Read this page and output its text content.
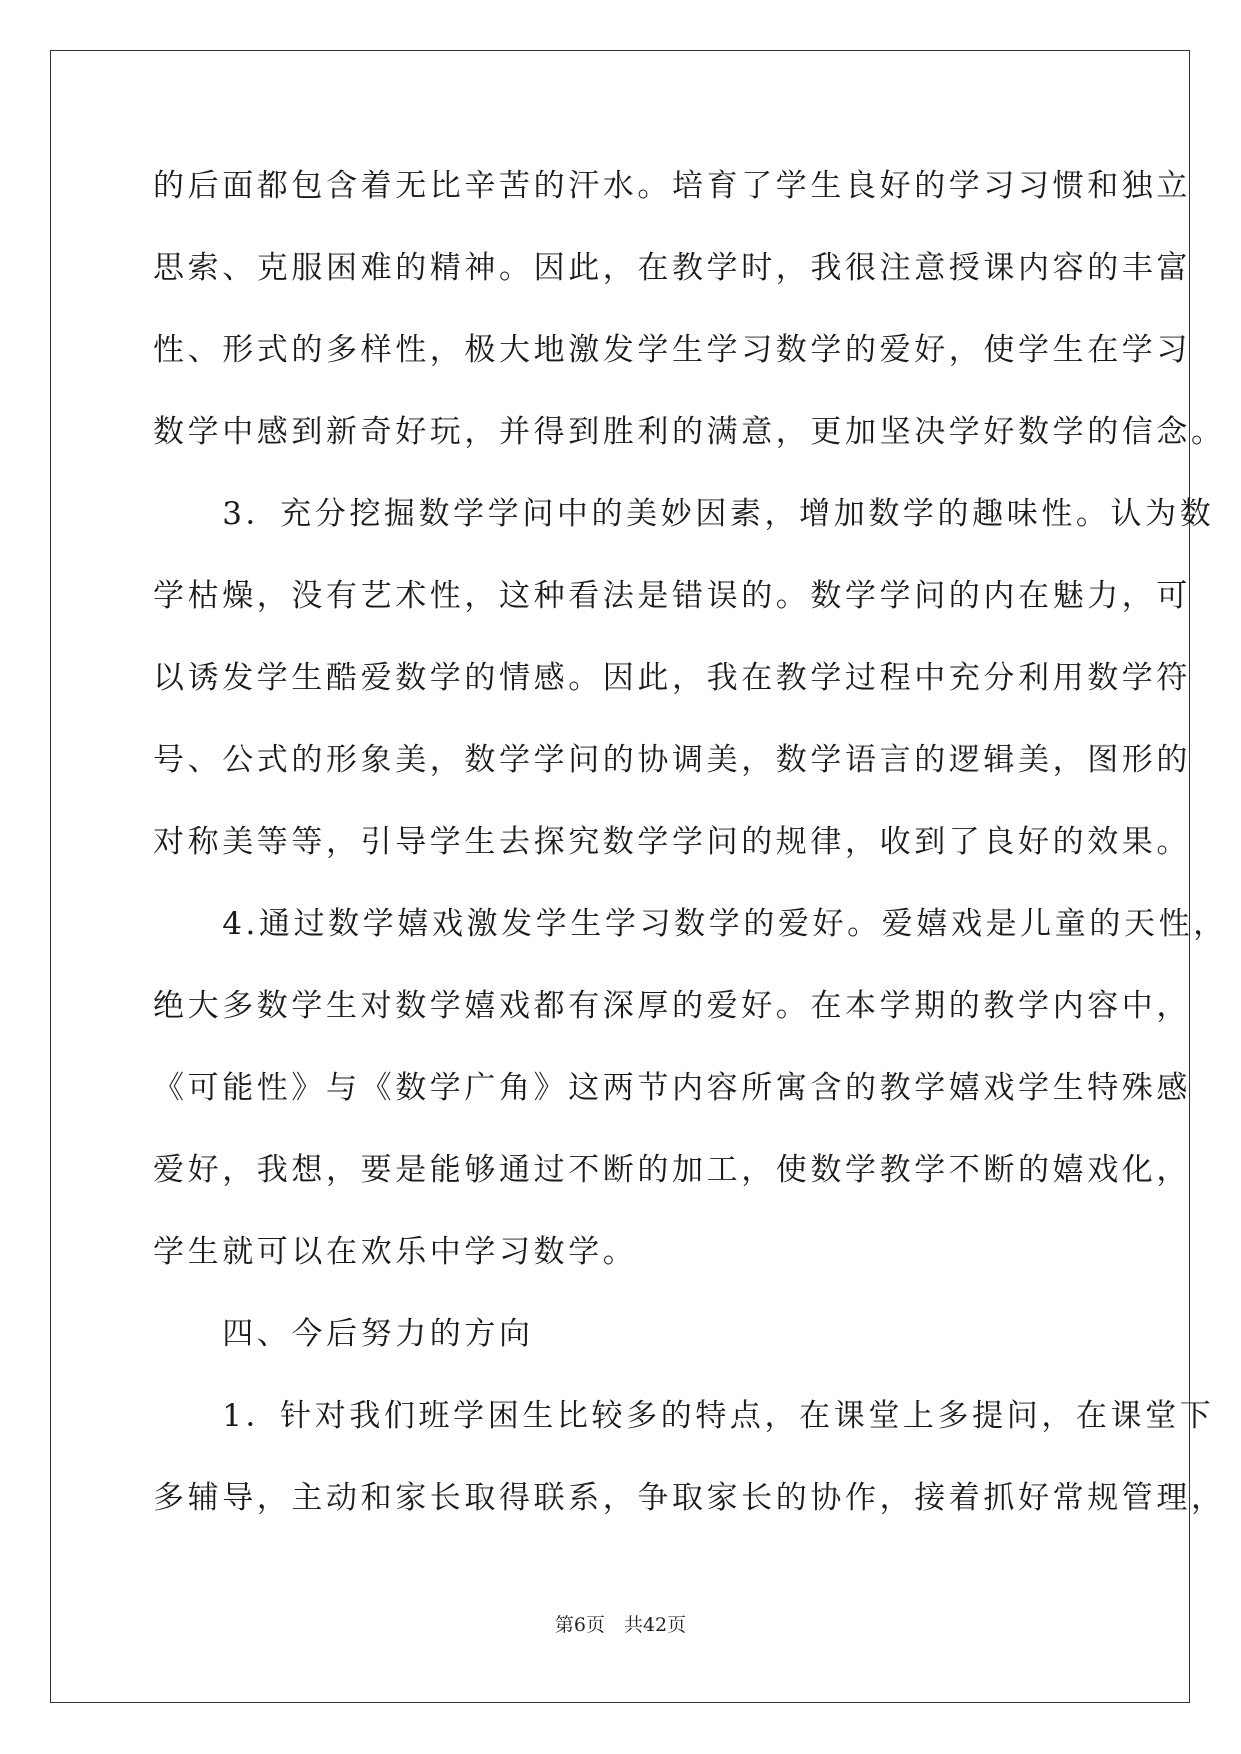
的后面都包含着无比辛苦的汗水。培育了学生良好的学习习惯和独立
思索、克服困难的精神。因此，在教学时，我很注意授课内容的丰富
性、形式的多样性，极大地激发学生学习数学的爱好，使学生在学习
数学中感到新奇好玩，并得到胜利的满意，更加坚决学好数学的信念。
　　3．充分挖掘数学学问中的美妙因素，增加数学的趣味性。认为数
学枯燥，没有艺术性，这种看法是错误的。数学学问的内在魅力，可
以诱发学生酷爱数学的情感。因此，我在教学过程中充分利用数学符
号、公式的形象美，数学学问的协调美，数学语言的逻辑美，图形的
对称美等等，引导学生去探究数学学问的规律，收到了良好的效果。
　　4.通过数学嬉戏激发学生学习数学的爱好。爱嬉戏是儿童的天性，
绝大多数学生对数学嬉戏都有深厚的爱好。在本学期的教学内容中，
《可能性》与《数学广角》这两节内容所寓含的教学嬉戏学生特殊感
爱好，我想，要是能够通过不断的加工，使数学教学不断的嬉戏化，
学生就可以在欢乐中学习数学。
　　四、今后努力的方向
　　1．针对我们班学困生比较多的特点，在课堂上多提问，在课堂下
多辅导，主动和家长取得联系，争取家长的协作，接着抓好常规管理，
第6页　共42页
